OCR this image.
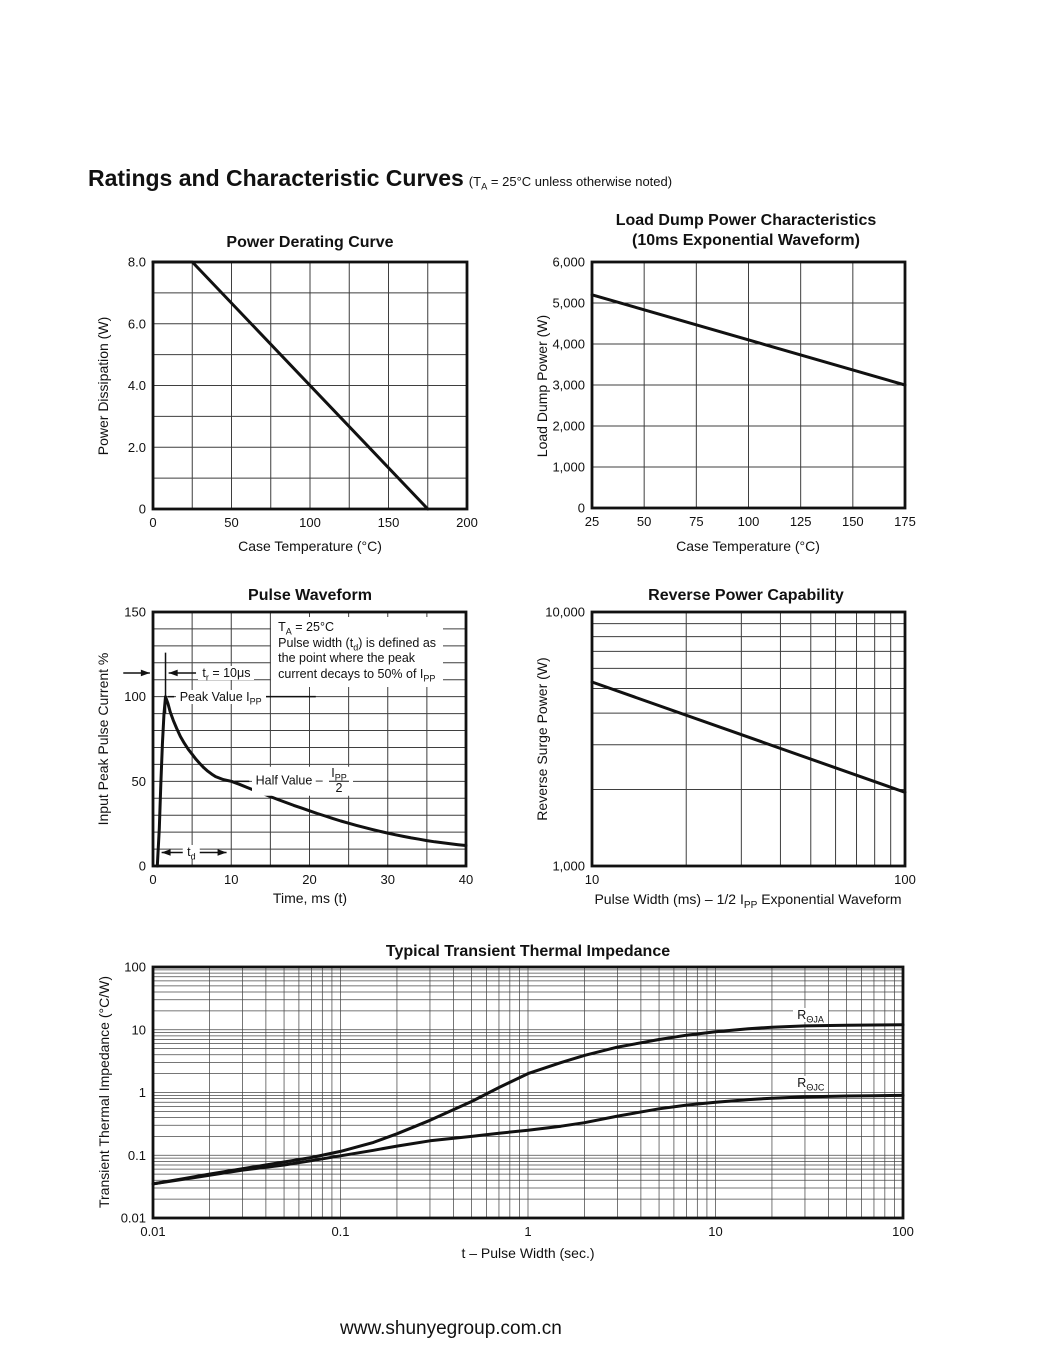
Ratings and Characteristic Curves ($T_A = 25^\circ C$ unless otherwise noted)
Power Derating Curve
Power Dissipation (W)
0	50	100	150	200
8.0
6.0
4.0
2.0
0
Case Temperature (°C)
Load Dump Power Characteristics
(10ms Exponential Waveform)
Load Dump Power (W)
25	50	75	100 125 150 175
6,000
5,000
4,000
3,000
2,000
1,000
0
Case Temperature (°C)
Pulse Waveform
Input Peak Pulse Current %
0	10	20	30	40
150
100
50
0
Time, ms (t)
Reverse Power Capability
Reverse Surge Power (W)
10	100
10,000
1,000
Pulse Width (ms) – 1/2 $I_{PP}$ Exponential Waveform
Typical Transient Thermal Impedance
Transient Thermal Impedance (°C/W)
0.01	0.1	1	10	100
100
10
1
0.1
0.01
t – Pulse Width (sec.)
www.shunyegroup.com.cn
$t_r = 10\mu s$
Peak Value $I_{PP}$
Half Value – $\frac{I_{PP}}{2}$
$t_d$
$T_A = 25^\circ C$
Pulse width $(t_d)$ is defined as
the point where the peak
current decays to 50% of $I_{PP}$
$R_{\Theta JA}$
$R_{\Theta JC}$
